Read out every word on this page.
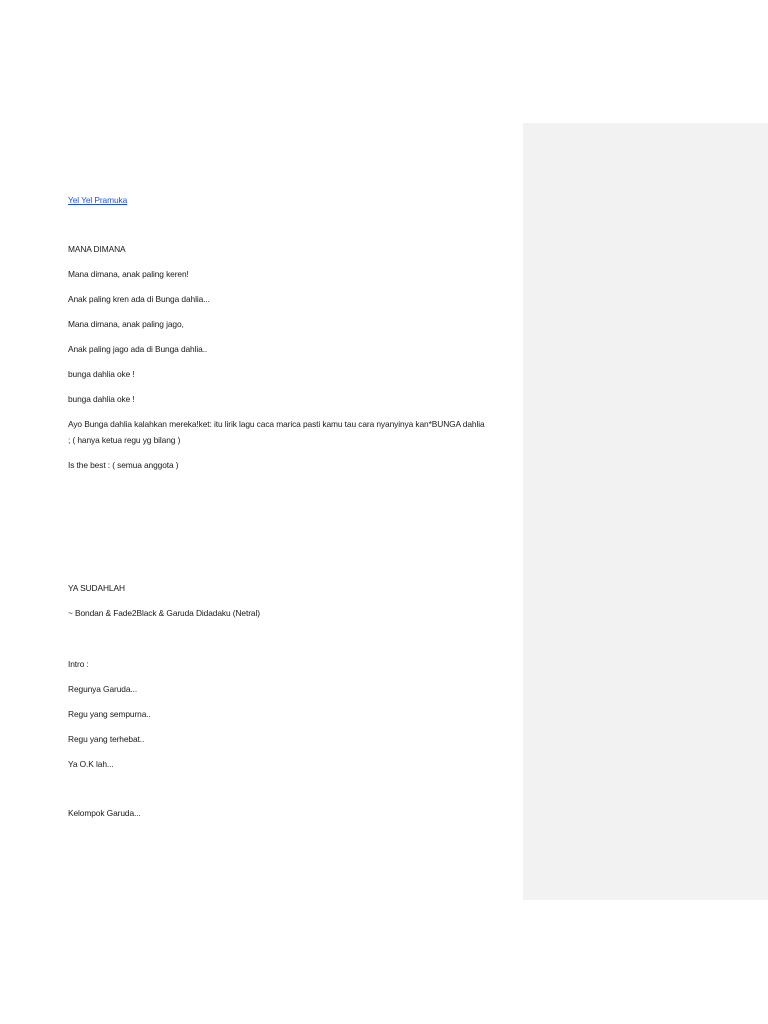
Yel Yel Pramuka
MANA DIMANA
Mana dimana, anak paling keren!
Anak paling kren ada di Bunga dahlia...
Mana dimana, anak paling jago,
Anak paling jago ada di Bunga dahlia..
bunga dahlia oke !
bunga dahlia oke !
Ayo Bunga dahlia kalahkan mereka!ket: itu lirik lagu caca marica pasti kamu tau cara nyanyinya kan*BUNGA dahlia ; ( hanya ketua regu yg bilang )
Is the best : ( semua anggota )
YA SUDAHLAH
~ Bondan & Fade2Black & Garuda Didadaku (Netral)
Intro :
Regunya Garuda...
Regu yang sempurna..
Regu yang terhebat..
Ya O.K lah...
Kelompok Garuda...
